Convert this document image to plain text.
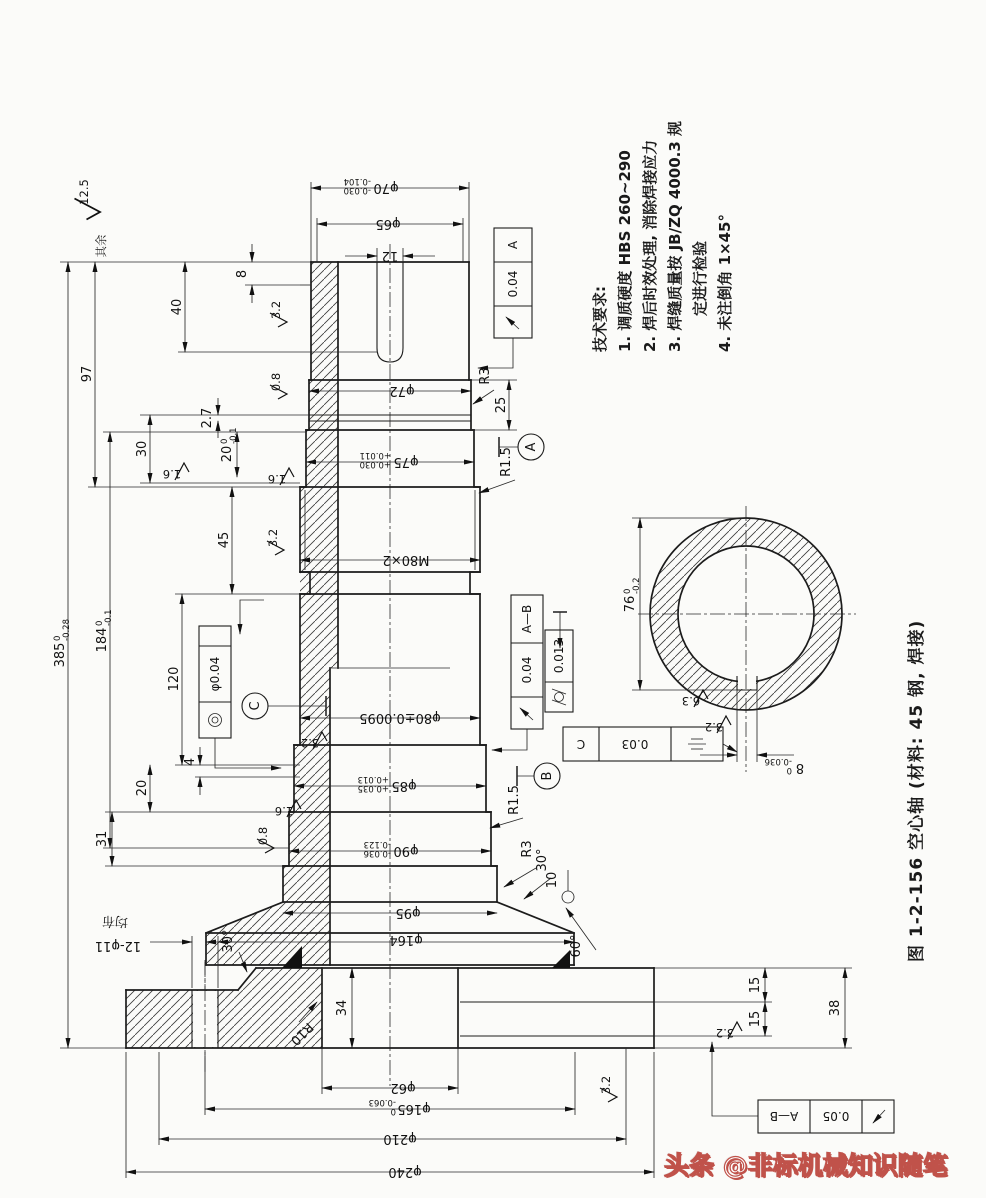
A
B
C
A
0.04
A—B
0.04 0.013
φ0.04
C	0.03
A—B 0.05
12.5
其余
3.2
0.8
1.6	1.6
3.2
3.2
1.6
0.8
6.3
3.2
3.2
3.2
385
0 -0.28 184
0 -0.1
97
30
20
40
120
4
45
31
8
2.7
20
0 -0.1
34
25
15
15
38
76
0 -0.2
10
60°
30°
30°
R3
R3
R1.5
R1.5
R10
φ70
-0.030
-0.104
φ65
12
φ72
φ75
+0.030
+0.011
M80×2
φ80±0.0095
φ85
+0.035
+0.013
φ90
-0.036
-0.123
φ95
φ164
φ62
φ165
0
-0.063
φ210
φ240
8
0
-0.036
12-φ11
均布
技术要求: 1. 调质硬度 HBS 260~290 2. 焊后时效处理, 消除焊接应力 3. 焊缝质量按 JB/ZQ 4000.3 规 定进行检验 4. 未注倒角 1×45°
图 1-2-156 空心轴 (材料: 45 钢, 焊接)
头条 @非标机械知识随笔
